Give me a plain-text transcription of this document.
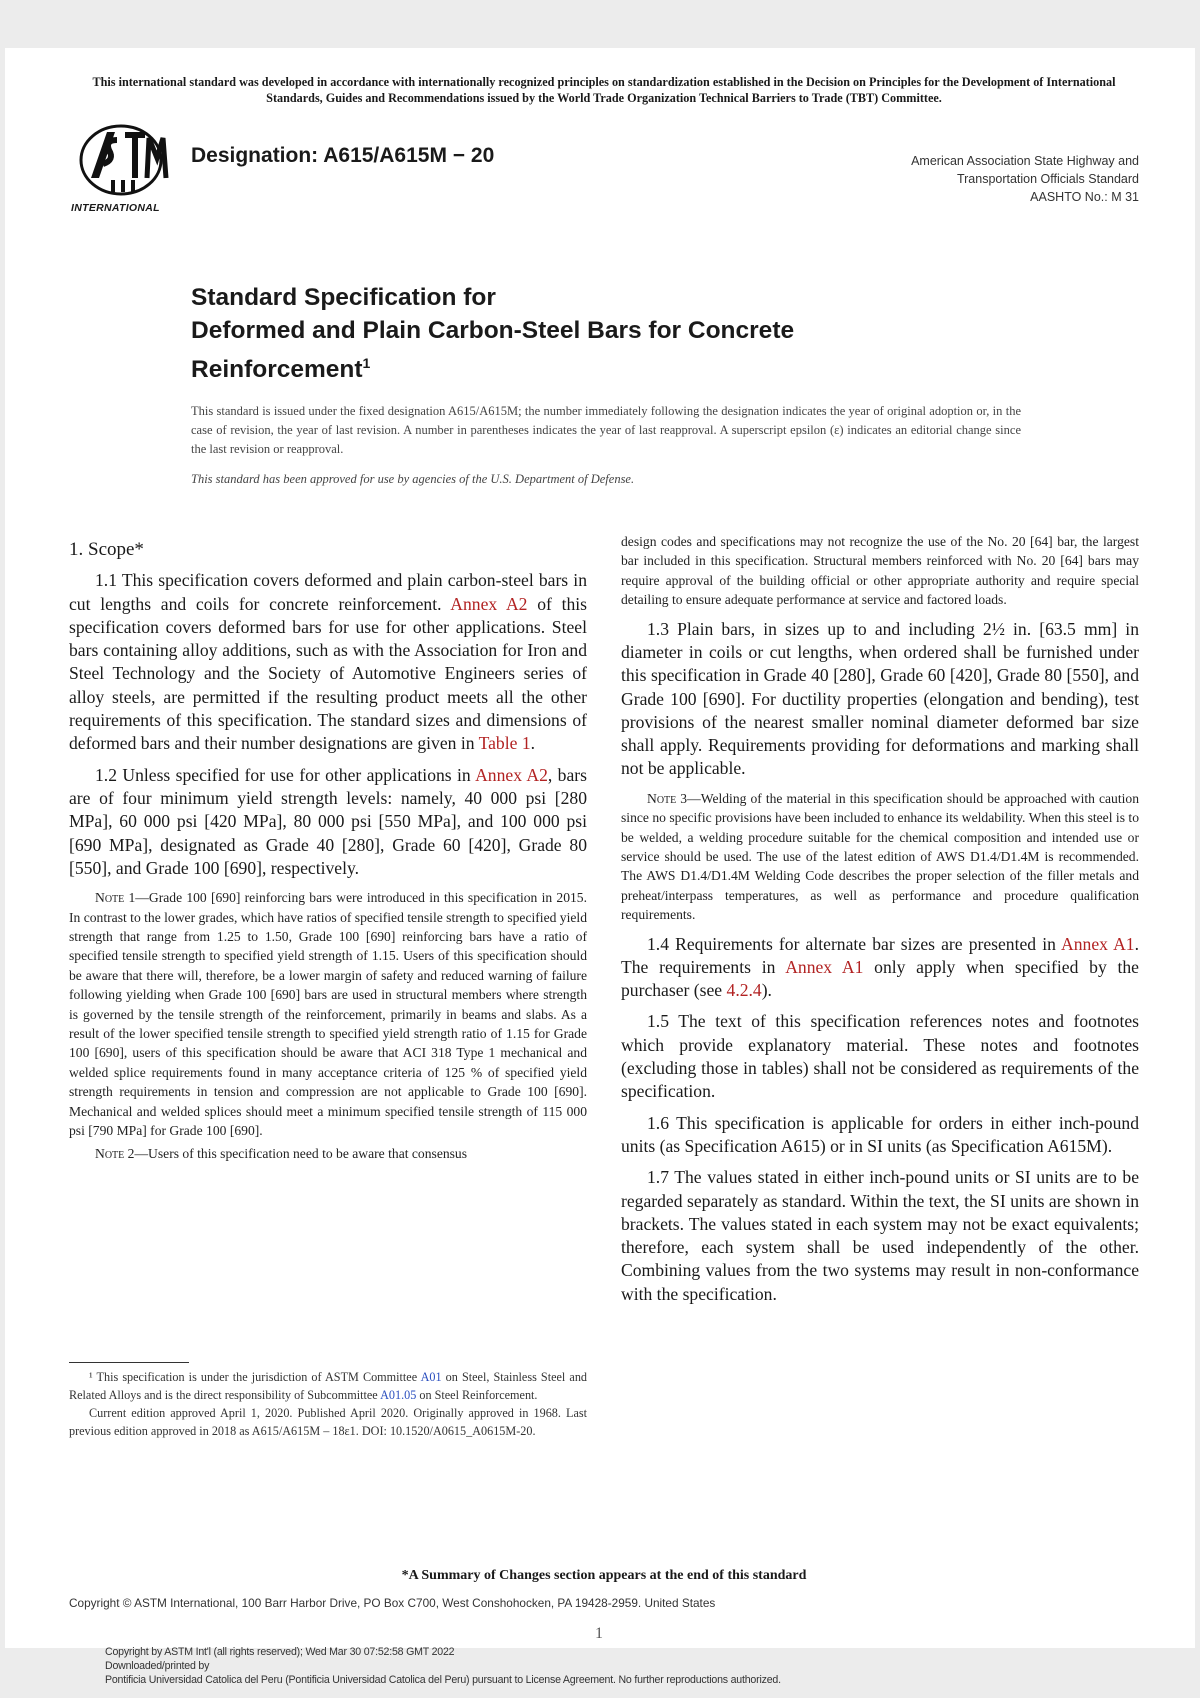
This international standard was developed in accordance with internationally recognized principles on standardization established in the Decision on Principles for the Development of International Standards, Guides and Recommendations issued by the World Trade Organization Technical Barriers to Trade (TBT) Committee.
INTERNATIONAL
Designation: A615/A615M − 20	American Association State Highway and
Transportation Officials Standard
AASHTO No.: M 31
Standard Specification for
Deformed and Plain Carbon-Steel Bars for Concrete
Reinforcement$^1$
This standard is issued under the fixed designation A615/A615M; the number immediately following the designation indicates the year of original adoption or, in the case of revision, the year of last revision. A number in parentheses indicates the year of last reapproval. A superscript epsilon (ε) indicates an editorial change since the last revision or reapproval.
This standard has been approved for use by agencies of the U.S. Department of Defense.

1. Scope*

1.1 This specification covers deformed and plain carbon-steel bars in cut lengths and coils for concrete reinforcement. Annex A2 of this specification covers deformed bars for use for other applications. Steel bars containing alloy additions, such as with the Association for Iron and Steel Technology and the Society of Automotive Engineers series of alloy steels, are permitted if the resulting product meets all the other requirements of this specification. The standard sizes and dimensions of deformed bars and their number designations are given in Table 1.

1.2 Unless specified for use for other applications in Annex A2, bars are of four minimum yield strength levels: namely, 40 000 psi [280 MPa], 60 000 psi [420 MPa], 80 000 psi [550 MPa], and 100 000 psi [690 MPa], designated as Grade 40 [280], Grade 60 [420], Grade 80 [550], and Grade 100 [690], respectively.

Note 1—Grade 100 [690] reinforcing bars were introduced in this specification in 2015. In contrast to the lower grades, which have ratios of specified tensile strength to specified yield strength that range from 1.25 to 1.50, Grade 100 [690] reinforcing bars have a ratio of specified tensile strength to specified yield strength of 1.15. Users of this specification should be aware that there will, therefore, be a lower margin of safety and reduced warning of failure following yielding when Grade 100 [690] bars are used in structural members where strength is governed by the tensile strength of the reinforcement, primarily in beams and slabs. As a result of the lower specified tensile strength to specified yield strength ratio of 1.15 for Grade 100 [690], users of this specification should be aware that ACI 318 Type 1 mechanical and welded splice requirements found in many acceptance criteria of 125 % of specified yield strength requirements in tension and compression are not applicable to Grade 100 [690]. Mechanical and welded splices should meet a minimum specified tensile strength of 115 000 psi [790 MPa] for Grade 100 [690].

Note 2—Users of this specification need to be aware that consensus

design codes and specifications may not recognize the use of the No. 20 [64] bar, the largest bar included in this specification. Structural members reinforced with No. 20 [64] bars may require approval of the building official or other appropriate authority and require special detailing to ensure adequate performance at service and factored loads.

1.3 Plain bars, in sizes up to and including 2½ in. [63.5 mm] in diameter in coils or cut lengths, when ordered shall be furnished under this specification in Grade 40 [280], Grade 60 [420], Grade 80 [550], and Grade 100 [690]. For ductility properties (elongation and bending), test provisions of the nearest smaller nominal diameter deformed bar size shall apply. Requirements providing for deformations and marking shall not be applicable.

Note 3—Welding of the material in this specification should be approached with caution since no specific provisions have been included to enhance its weldability. When this steel is to be welded, a welding procedure suitable for the chemical composition and intended use or service should be used. The use of the latest edition of AWS D1.4/D1.4M is recommended. The AWS D1.4/D1.4M Welding Code describes the proper selection of the filler metals and preheat/interpass temperatures, as well as performance and procedure qualification requirements.

1.4 Requirements for alternate bar sizes are presented in Annex A1. The requirements in Annex A1 only apply when specified by the purchaser (see 4.2.4).

1.5 The text of this specification references notes and footnotes which provide explanatory material. These notes and footnotes (excluding those in tables) shall not be considered as requirements of the specification.

1.6 This specification is applicable for orders in either inch-pound units (as Specification A615) or in SI units (as Specification A615M).

1.7 The values stated in either inch-pound units or SI units are to be regarded separately as standard. Within the text, the SI units are shown in brackets. The values stated in each system may not be exact equivalents; therefore, each system shall be used independently of the other. Combining values from the two systems may result in non-conformance with the specification.

¹ This specification is under the jurisdiction of ASTM Committee A01 on Steel, Stainless Steel and Related Alloys and is the direct responsibility of Subcommittee A01.05 on Steel Reinforcement.

Current edition approved April 1, 2020. Published April 2020. Originally approved in 1968. Last previous edition approved in 2018 as A615/A615M – 18ε1. DOI: 10.1520/A0615_A0615M-20.

*A Summary of Changes section appears at the end of this standard
Copyright © ASTM International, 100 Barr Harbor Drive, PO Box C700, West Conshohocken, PA 19428-2959. United States
1
Copyright by ASTM Int'l (all rights reserved); Wed Mar 30 07:52:58 GMT 2022
Downloaded/printed by
Pontificia Universidad Catolica del Peru (Pontificia Universidad Catolica del Peru) pursuant to License Agreement. No further reproductions authorized.
